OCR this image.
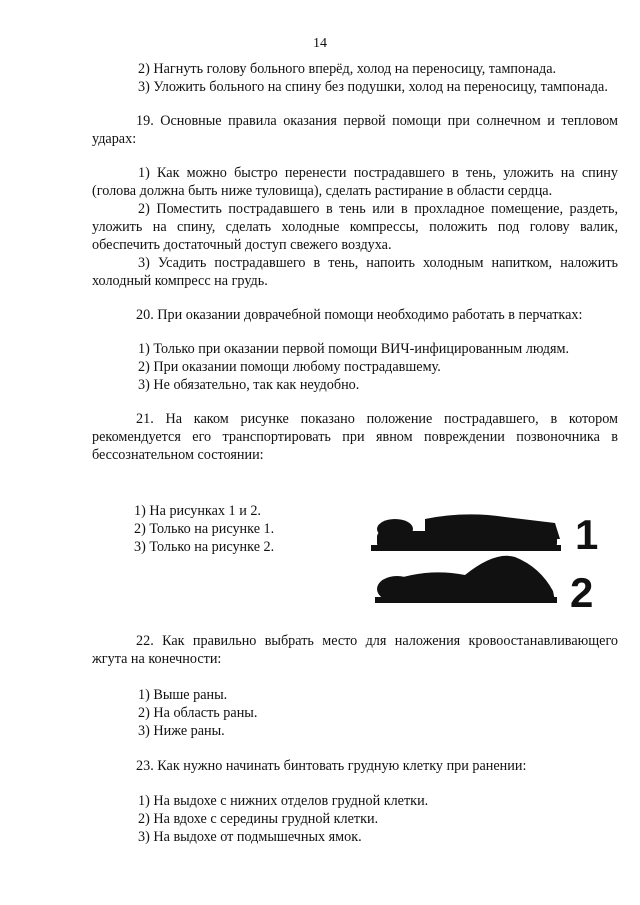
14

2) Нагнуть голову больного вперёд, холод на переносицу, тампонада.

3) Уложить больного на спину без подушки, холод на переносицу, тампонада.

19. Основные правила оказания первой помощи при солнечном и тепловом ударах:

1) Как можно быстро перенести пострадавшего в тень, уложить на спину (голова должна быть ниже туловища), сделать растирание в области сердца.

2) Поместить пострадавшего в тень или в прохладное помещение, раздеть, уложить на спину, сделать холодные компрессы, положить под голову валик, обеспечить достаточный доступ свежего воздуха.

3) Усадить пострадавшего в тень, напоить холодным напитком, наложить холодный компресс на грудь.

20. При оказании доврачебной помощи необходимо работать в перчатках:

1) Только при оказании первой помощи ВИЧ-инфицированным людям.

2) При оказании помощи любому пострадавшему.

3) Не обязательно, так как неудобно.

21. На каком рисунке показано положение пострадавшего, в котором рекомендуется его транспортировать при явном повреждении позвоночника в бессознательном состоянии:

1) На рисунках 1 и 2.
2) Только на рисунке 1.
3) Только на рисунке 2.	1
2

22. Как правильно выбрать место для наложения кровоостанавливающего жгута на конечности:

1) Выше раны.
2) На область раны.
3) Ниже раны.

23. Как нужно начинать бинтовать грудную клетку при ранении:

1) На выдохе с нижних отделов грудной клетки.
2) На вдохе с середины грудной клетки.
3) На выдохе от подмышечных ямок.
